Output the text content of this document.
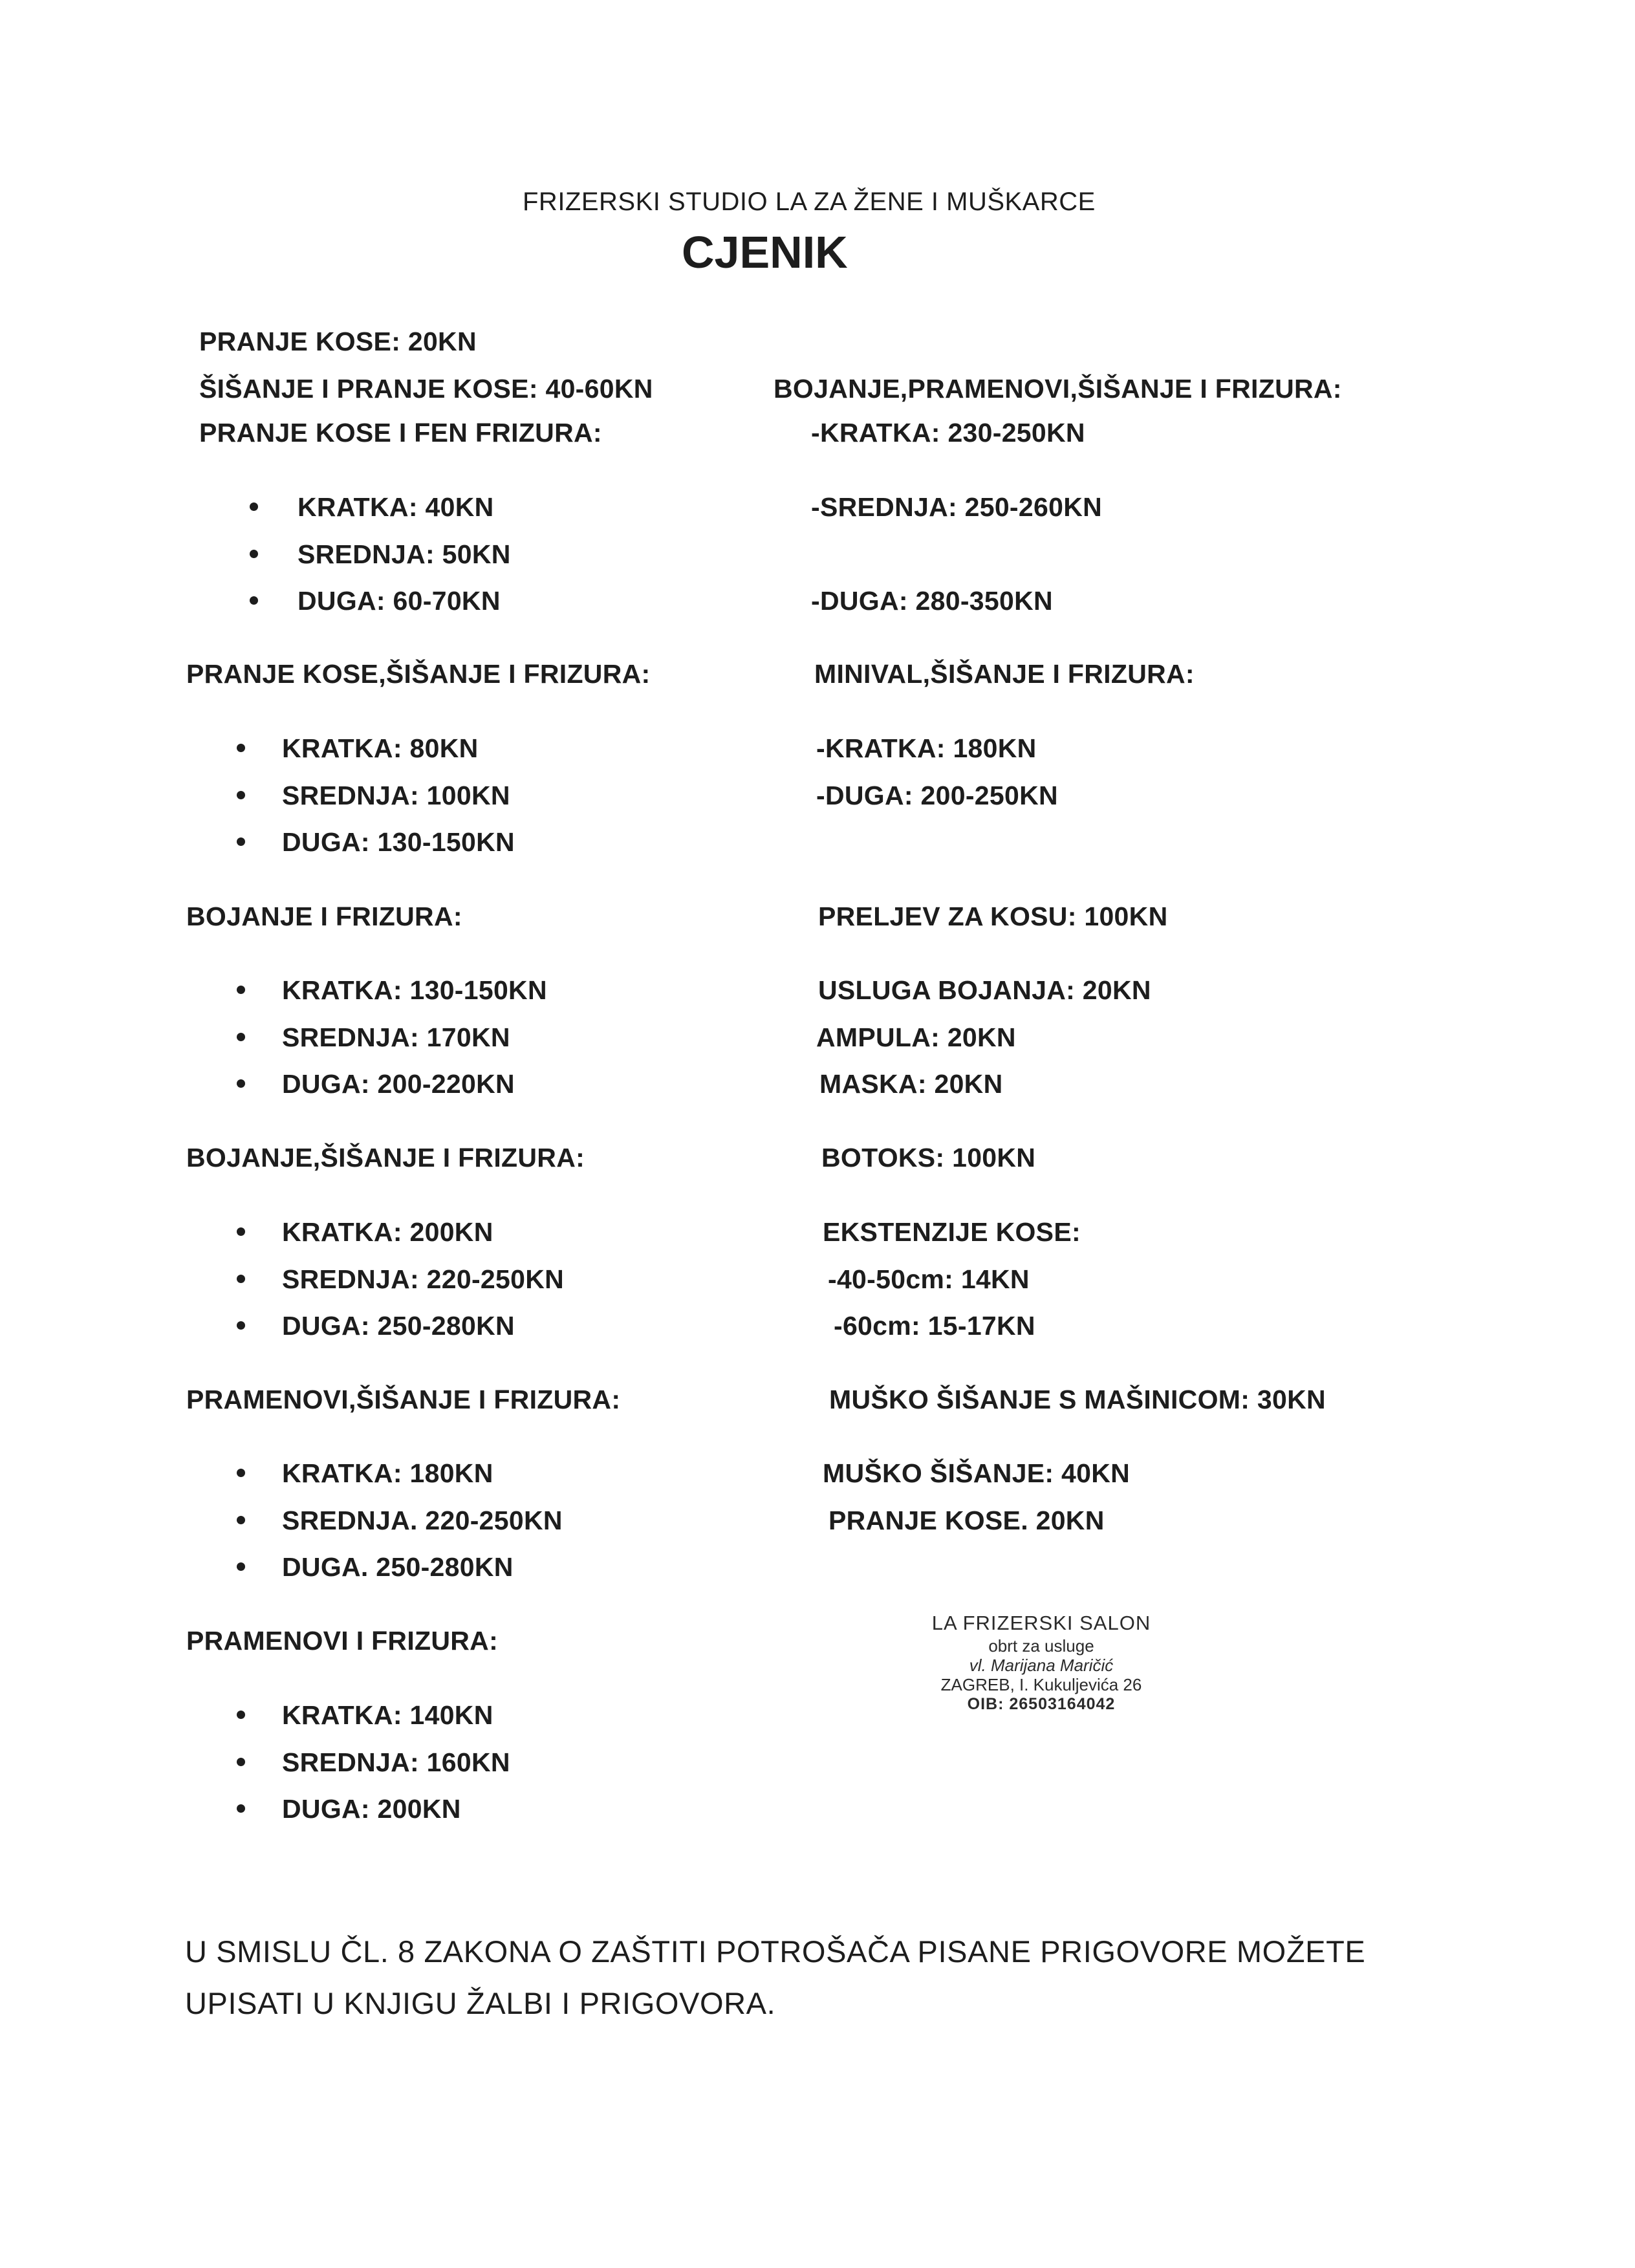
FRIZERSKI STUDIO LA ZA ŽENE I MUŠKARCE
CJENIK
PRANJE KOSE: 20KN
ŠIŠANJE I PRANJE KOSE: 40-60KN
PRANJE KOSE I FEN FRIZURA:
KRATKA: 40KN
SREDNJA: 50KN
DUGA: 60-70KN
PRANJE KOSE,ŠIŠANJE I FRIZURA:
KRATKA: 80KN
SREDNJA: 100KN
DUGA: 130-150KN
BOJANJE I FRIZURA:
KRATKA: 130-150KN
SREDNJA: 170KN
DUGA: 200-220KN
BOJANJE,ŠIŠANJE I FRIZURA:
KRATKA: 200KN
SREDNJA: 220-250KN
DUGA: 250-280KN
PRAMENOVI,ŠIŠANJE I FRIZURA:
KRATKA: 180KN
SREDNJA. 220-250KN
DUGA. 250-280KN
PRAMENOVI I FRIZURA:
KRATKA: 140KN
SREDNJA: 160KN
DUGA: 200KN
BOJANJE,PRAMENOVI,ŠIŠANJE I FRIZURA:
-KRATKA: 230-250KN
-SREDNJA: 250-260KN
-DUGA: 280-350KN
MINIVAL,ŠIŠANJE I FRIZURA:
-KRATKA: 180KN
-DUGA: 200-250KN
PRELJEV ZA KOSU: 100KN
USLUGA BOJANJA: 20KN
AMPULA: 20KN
MASKA: 20KN
BOTOKS: 100KN
EKSTENZIJE KOSE:
-40-50cm: 14KN
-60cm: 15-17KN
MUŠKO ŠIŠANJE S MAŠINICOM: 30KN
MUŠKO ŠIŠANJE: 40KN
PRANJE KOSE. 20KN
LA FRIZERSKI SALON
obrt za usluge
vl. Marijana Maričić
ZAGREB, I. Kukuljevića 26
OIB: 26503164042
U SMISLU ČL. 8 ZAKONA O ZAŠTITI POTROŠAČA PISANE PRIGOVORE MOŽETE
UPISATI U KNJIGU ŽALBI I PRIGOVORA.
